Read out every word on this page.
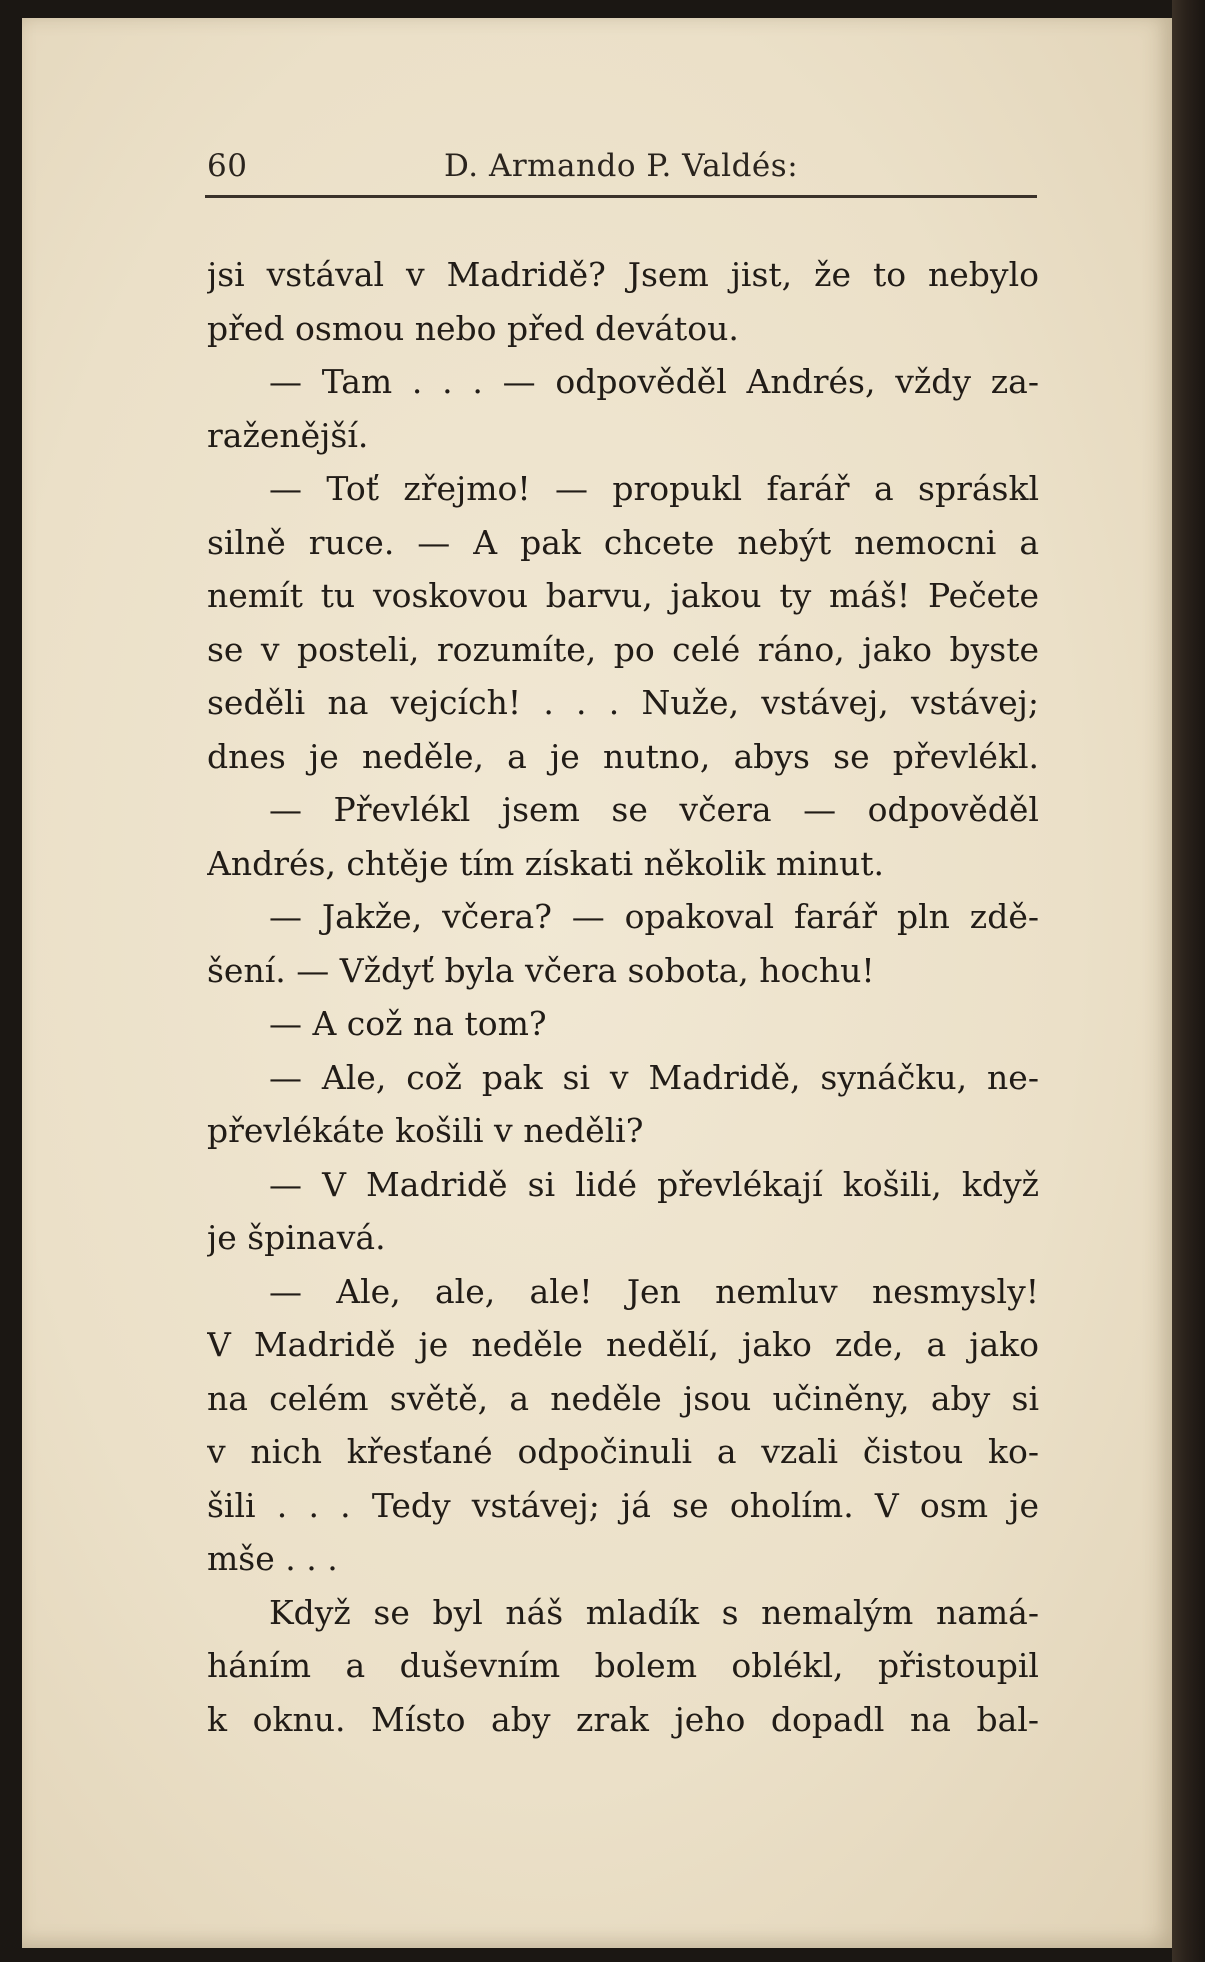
60	D. Armando P. Valdés:
jsi vstával v Madridě? Jsem jist, že to nebylo
před osmou nebo před devátou.
— Tam . . . — odpověděl Andrés, vždy za-
raženější.
— Toť zřejmo! — propukl farář a spráskl
silně ruce. — A pak chcete nebýt nemocni a
nemít tu voskovou barvu, jakou ty máš! Pečete
se v posteli, rozumíte, po celé ráno, jako byste
seděli na vejcích! . . . Nuže, vstávej, vstávej;
dnes je neděle, a je nutno, abys se převlékl.
— Převlékl jsem se včera — odpověděl
Andrés, chtěje tím získati několik minut.
— Jakže, včera? — opakoval farář pln zdě-
šení. — Vždyť byla včera sobota, hochu!
— A což na tom?
— Ale, což pak si v Madridě, synáčku, ne-
převlékáte košili v neděli?
— V Madridě si lidé převlékají košili, když
je špinavá.
— Ale, ale, ale! Jen nemluv nesmysly!
V Madridě je neděle nedělí, jako zde, a jako
na celém světě, a neděle jsou učiněny, aby si
v nich křesťané odpočinuli a vzali čistou ko-
šili . . . Tedy vstávej; já se oholím. V osm je
mše . . .
Když se byl náš mladík s nemalým namá-
háním a duševním bolem oblékl, přistoupil
k oknu. Místo aby zrak jeho dopadl na bal-
